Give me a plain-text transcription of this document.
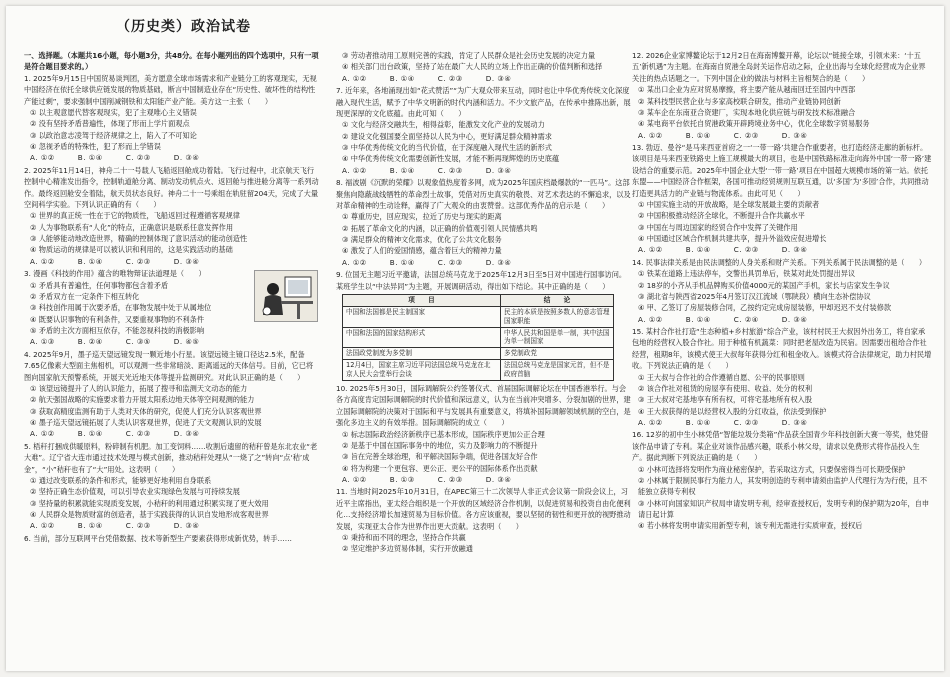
（历史类）政治试卷

一、选择题。（本题共16小题，每小题3分，共48分。在每小题列出的四个选项中，只有一项是符合题目要求的。）

1. 2025年9月15日中国贸易谈判团，美方愿意全球市场需求和产业链分工的客观现实，无视中国经济在依托全球供应链发展的物质基础，断言中国制造业存在“历史性、破坏性的结构性产能过剩”，要求强制中国削减钢铁和太阳能产业产能。美方这一主张（　　）

① 以主观意愿代替客观现实，犯了主观唯心主义错误

② 没有坚持矛盾普遍性，体现了形而上学片面观点

③ 以政治意志凌驾于经济规律之上，陷入了不可知论

④ 忽视矛盾的特殊性，犯了形而上学错误

A. ①②　　　B. ①④　　　C. ②③　　　D. ③④

2. 2025年11月14日，神舟二十一号载人飞船返回舱成功着陆。飞行过程中，北京航天飞行控制中心精准发出指令，控制轨道舱分离、制动发动机点火、返回舱与推进舱分离等一系列动作。最终返回舱安全着陆，航天员状态良好。神舟二十一号乘组在轨驻留204天，完成了大量空间科学实验。下列认识正确的有（　　）

① 世界的真正统一性在于它的物质性，飞船返回过程遵循客观规律

② 人为事物联系有“人化”的特点，正确意识是联系任意发挥作用

③ 人能够能动地改造世界，精确的控制体现了意识活动的能动创造性

④ 物质运动的规律是可以被认识和利用的，这是实践活动的基础

A. ①②　　　B. ①④　　　C. ②③　　　D. ③④

3. 漫画《科技的作用》蕴含的唯物辩证法道理是（　　）

① 矛盾具有普遍性，任何事物都包含着矛盾

② 矛盾双方在一定条件下相互转化

③ 科技创作用属于次要矛盾，在事物发展中处于从属地位

④ 既要认识事物的有利条件，又要重视事物的不利条件

⑤ 矛盾的主次方面相互依存，不能忽视科技的消极影响

A. ①③　　　B. ②④　　　C. ③⑤　　　D. ④⑤

4. 2025年9月，墨子巡天望远镜发现一颗近地小行星。该望远镜主镜口径达2.5米，配备7.65亿像素大型面主焦相机，可以观测一些非常暗淡、距离遥远的天体信号。目前，它已将图向国家航天预警系统，开展天光近地天体等提升监测研究。对此认识正确的是（　　）

① 该望远镜提升了人的认识能力，拓展了搜寻和监测天文动态的能力

② 航天强国战略的实施要求着力开展太阳系边地天体等空间观测的能力

③ 获取高精度监测有助于人类对天体的研究，促使人们充分认识客观世界

④ 墨子巡天望远镜拓展了人类认识客观世界，促进了天文观测认识的发展

A. ①②　　　B. ①④　　　C. ②③　　　D. ③④

5. 梧秆打捆成供暖原料，粉碎制有机肥。加工变饲料……收割后遗留的秸秆曾是东北农业“老大难”。辽宁省大连市通过技术处理与模式创新，推动秸秆处理从“一烧了之”转向“点‘秸’成金”，“小”秸秆也有了“大”用处。这表明（　　）

① 通过改变联系的条件和形式，能够更好地利用自身联系

② 坚持正确生态价值观，可以引导农业实现绿色发展与可持续发展

③ 坚持量的积累就能实现质变发展，小秸秆的利用通过积累实现了更大效用

④ 人民群众是物质财富的创造者，基于实践获得的认识自发地形成客观世界

A. ①②　　　B. ①④　　　C. ②③　　　D. ③④

6. 当前，部分互联网平台凭借数据、技术等新型生产要素获得形成新优势，转手……

③ 劳动者推动用工原则完善的实践，肯定了人民群众是社会历史发展的决定力量

④ 相关部门出台政策，坚持了站在最广大人民的立场上作出正确的价值判断和选择

A. ①②　　　B. ①④　　　C. ②③　　　D. ③④

7. 近年来，各地涌现出如“花式赞活”“为广大观众带来互动，同时也让中华优秀传统文化深度融入现代生活，赋予了中华文明新的时代内涵和活力。不少文旅产品，在传承中推陈出新，展现更深厚的文化底蕴。由此可知（　　）

① 文化与经济交融共生，相得益彰，能激发文化产业的发展动力

② 建设文化强国要全面坚持以人民为中心，更好满足群众精神需求

③ 中华优秀传统文化的当代价值，在于深度融入现代生活的新形式

④ 中华优秀传统文化需要创新性发展，才能不断再现辉煌的历史底蕴

A. ①②　　　B. ①④　　　C. ②③　　　D. ③④

8. 福波剧《沉默的荣耀》以观象值热度着多网，成为2025年国庆档最爆款的“一匹马”。这部聚焦向隐蔽战线牺牲的革命烈士故事，凭借对历史真实的敬畏、对艺术表达的不懈追求，以及对革命精神的生动诠释，赢得了广大观众的由衷赞誉。这部优秀作品的启示是（　　）

① 尊重历史，回应现实，拉近了历史与现实的距离

② 拓展了革命文化的内涵，以正确的价值观引领人民情感共鸣

③ 满足群众的精神文化需求，优化了公共文化服务

④ 激发了人们的爱国情感，蕴含着巨大的精神力量

A. ①②　　　B. ①④　　　C. ②③　　　D. ③④

9. 位国无主题习近平邀请，法国总统马克龙于2025年12月3日至5日对中国进行国事访问。某班学生以“中法异同”为主题，开展调研活动，得出如下结论。其中正确的是（　　）

项　　目	结　　论
中国和法国都是民主制国家	民主的本质是按照多数人的意志管理国家职能
中国和法国的国家结构形式	中华人民共和国是单一制，其中法国为单一制国家
法国政党制度为多党制	多党制政党
12月4日，国家主席习近平同法国总统马克龙在北京人民大会堂举行会谈	法国总统马克龙是国家元首，但不是政府首脑

10. 2025年5月30日，国际调解院公约签署仪式、首届国际调解论坛在中国香港举行。与会各方高度肯定国际调解院的时代价值和深远意义，认为在当前冲突增多、分裂加剧的世界，建立国际调解院的决策对于国际和平与发展具有重要意义，将填补国际调解领域机制的空白，是强化多边主义的有效举措。国际调解院的成立（　　）

① 标志国际政治经济新秩序已基本形成，国际秩序更加公正合理

② 是基于中国在国际事务中的地位，实力及影响力的不断提升

③ 旨在完善全球治理，和平解决国际争端，促进各国友好合作

④ 将为构建一个更包容、更公正、更公平的国际体系作出贡献

A. ①②　　　B. ①③　　　C. ②③　　　D. ③④

11. 当地时间2025年10月31日，在APEC第三十二次领导人非正式会议第一阶段会议上，习近平主席指出，亚太经合组织是一个开放的区域经济合作机制，以促进贸易和投资自由化便利化…支持经济增长加速贸易为目标价值。各方应该重视，要以坚韧的韧性和更开放的视野推动发展，实现亚太合作为世界作出更大贡献。这表明（　　）

① 秉持和而不同的理念，坚持合作共赢

② 坚定维护多边贸易体制，实行开放融通

12. 2026企业家博鳌论坛于12月2日在海南博鳌开幕，论坛以“链接全球，引领未来：‘十五五’新机遇”为主题。在海南自贸港全岛封关运作启动之际，企业出海与全球化经营成为企业界关注的热点话题之一。下列中国企业的做法与材料主旨相契合的是（　　）

① 某出口企业为应对贸易摩擦，将主要产能从越南回迁至国内中西部

② 某科技型民营企业与多家高校联合研发，推动产业链协同创新

③ 某车企在东南亚合资建厂，实现本地化供应链与研发技术标准融合

④ 某电商平台依托自贸港政策开辟跨境业务中心，优化全球数字贸易服务

A. ①②　　　B. ①④　　　C. ②③　　　D. ③④

13. 勃迈、曼谷“是马来西亚首府之一‘一带一路’共建合作重要者，也打造经济走廊的新标杆。该项目是马来西亚铁路史上施工规模最大的项目，也是中国铁路标准走向海外中国‘一带一路’建设结合的重要示范。2025年中国企业大型‘一带一路’项目在中国超大规模市场的第一站。依托东盟——中国经济合作框架，各国可推动经贸规则互联互通，以‘多国’为‘多园’合作，共同推动打造更具活力的产业链与物流体系。由此可见（　　）

① 中国实施主动的开放战略，是全球发展最主要的贡献者

② 中国积极推动经济全球化，不断提升合作共赢水平

③ 中国在与周边国家的经贸合作中发挥了关键作用

④ 中国通过区域合作机制共建共享，提升外溢效应促进增长

A. ①②　　　B. ①④　　　C. ②③　　　D. ③④

14. 民事法律关系是由民法调整的人身关系和财产关系。下列关系属于民法调整的是（　　）

① 铁某在道路上违法停车，交警出具罚单后，铁某对此处罚提出异议

② 18岁的小齐从手机品牌购买价值4000元的某国产手机，家长与店家发生争议

③ 湖北省与陕西省2025年4月签订汉江流域（鄂陕段）横向生态补偿协议

④ 甲、乙签订了房屋装修合同，乙按约定完成房屋装修，甲却迟迟不支付装修款

A. ①②　　　B. ①④　　　C. ②④　　　D. ③④

15. 某村合作社打造“生态种植+乡村旅游”综合产业，该村村民王大叔因外出务工，将自家承包地的经营权入股合作社。用于种植有机蔬菜：同时把老屋改造为民宿。因需要出租给合作社经营，租期8年，该模式使王大叔每年获得分红和租金收入。该模式符合法律规定，助力村民增收。下列说法正确的是（　　）

① 王大叔与合作社的合作遵循自愿、公平的民事原则

② 该合作社对租赁的房屋享有使用、收益、处分的权利

③ 王大叔对宅基地享有所有权，可将宅基地所有权入股

④ 王大叔获得的是以经营权入股的分红收益，依法受到保护

A. ①②　　　B. ①④　　　C. ②③　　　D. ③④

16. 12岁的初中生小林凭借“智能垃圾分类箱”作品获全国青少年科技创新大赛一等奖，他凭借该作品申请了专利。某企业对该作品感兴趣，联系小林父母，请求以免费形式将作品投入生产。据此判断下列说法正确的是（　　）

① 小林可选择将发明作为商业秘密保护，若采取这方式，只要保密得当可长期受保护

② 小林属于限制民事行为能力人，其发明创造的专利申请须由监护人代理行为为行使，且不能独立获得专利权

③ 小林可向国家知识产权局申请发明专利，经审查授权后，发明专利的保护期为20年，自申请日起计算

④ 若小林将发明申请实用新型专利，该专利无需进行实质审查，授权后
